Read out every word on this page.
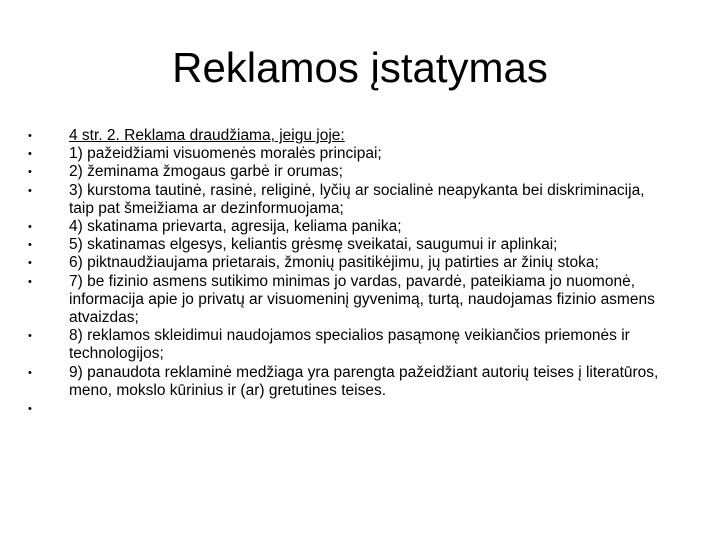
Reklamos įstatymas
• 4 str. 2. Reklama draudžiama, jeigu joje:
• 1) pažeidžiami visuomenės moralės principai;
• 2) žeminama žmogaus garbė ir orumas;
• 3) kurstoma tautinė, rasinė, religinė, lyčių ar socialinė neapykanta bei diskriminacija, taip pat šmeižiama ar dezinformuojama;
• 4) skatinama prievarta, agresija, keliama panika;
• 5) skatinamas elgesys, keliantis grėsmę sveikatai, saugumui ir aplinkai;
• 6) piktnaudžiaujama prietarais, žmonių pasitikėjimu, jų patirties ar žinių stoka;
• 7) be fizinio asmens sutikimo minimas jo vardas, pavardė, pateikiama jo nuomonė, informacija apie jo privatų ar visuomeninį gyvenimą, turtą, naudojamas fizinio asmens atvaizdas;
• 8) reklamos skleidimui naudojamos specialios pasąmonę veikiančios priemonės ir technologijos;
• 9) panaudota reklaminė medžiaga yra parengta pažeidžiant autorių teises į literatūros, meno, mokslo kūrinius ir (ar) gretutines teises.
•
